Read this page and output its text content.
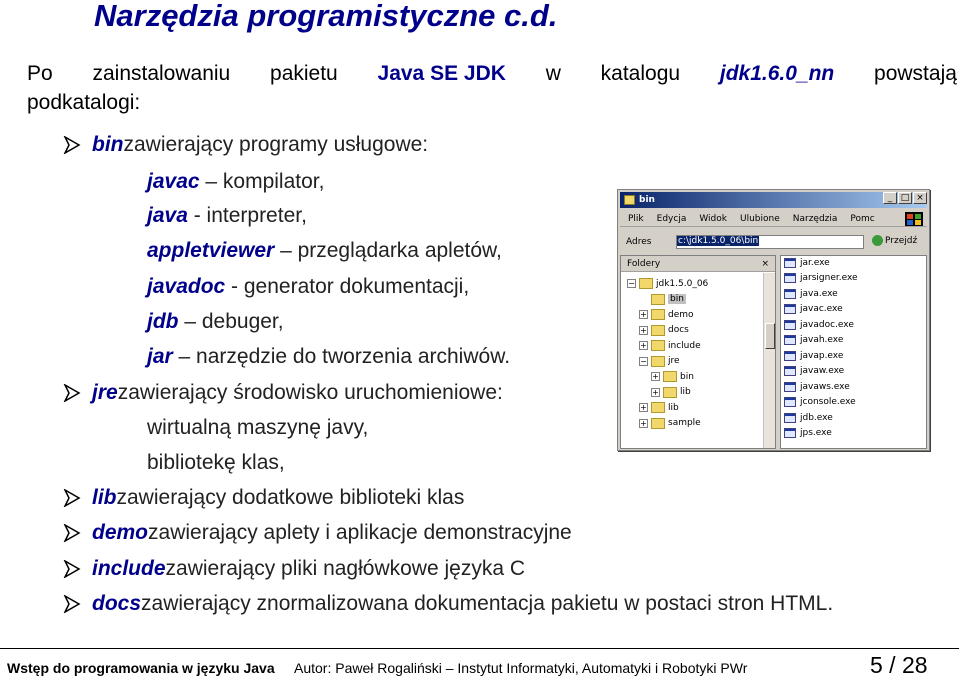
Narzędzia programistyczne c.d.
Po zainstalowaniu pakietu Java SE JDK w katalogu jdk1.6.0_nn powstają
podkatalogi:
bin zawierający programy usługowe:
javac – kompilator,
java - interpreter,
appletviewer – przeglądarka apletów,
javadoc - generator dokumentacji,
jdb – debuger,
jar – narzędzie do tworzenia archiwów.
jre zawierający środowisko uruchomieniowe:
wirtualną maszynę javy,
bibliotekę klas,
lib zawierający dodatkowe biblioteki klas
demo zawierający aplety i aplikacje demonstracyjne
include zawierający pliki nagłówkowe języka C
docs zawierający znormalizowana dokumentacja pakietu w postaci stron HTML.
bin	_ □ ×
Plik Edycja Widok Ulubione Narzędzia Pomc
Adres	c:\jdk1.5.0_06\bin	Przejdź
Foldery	×
− jdk1.5.0_06
bin
+ demo
+ docs
+ include
− jre
+ bin
+ lib
+ lib
+ sample
jar.exe
jarsigner.exe
java.exe
javac.exe
javadoc.exe
javah.exe
javap.exe
javaw.exe
javaws.exe
jconsole.exe
jdb.exe
jps.exe
Wstęp do programowania w języku Java Autor: Paweł Rogaliński – Instytut Informatyki, Automatyki i Robotyki PWr	5 / 28
